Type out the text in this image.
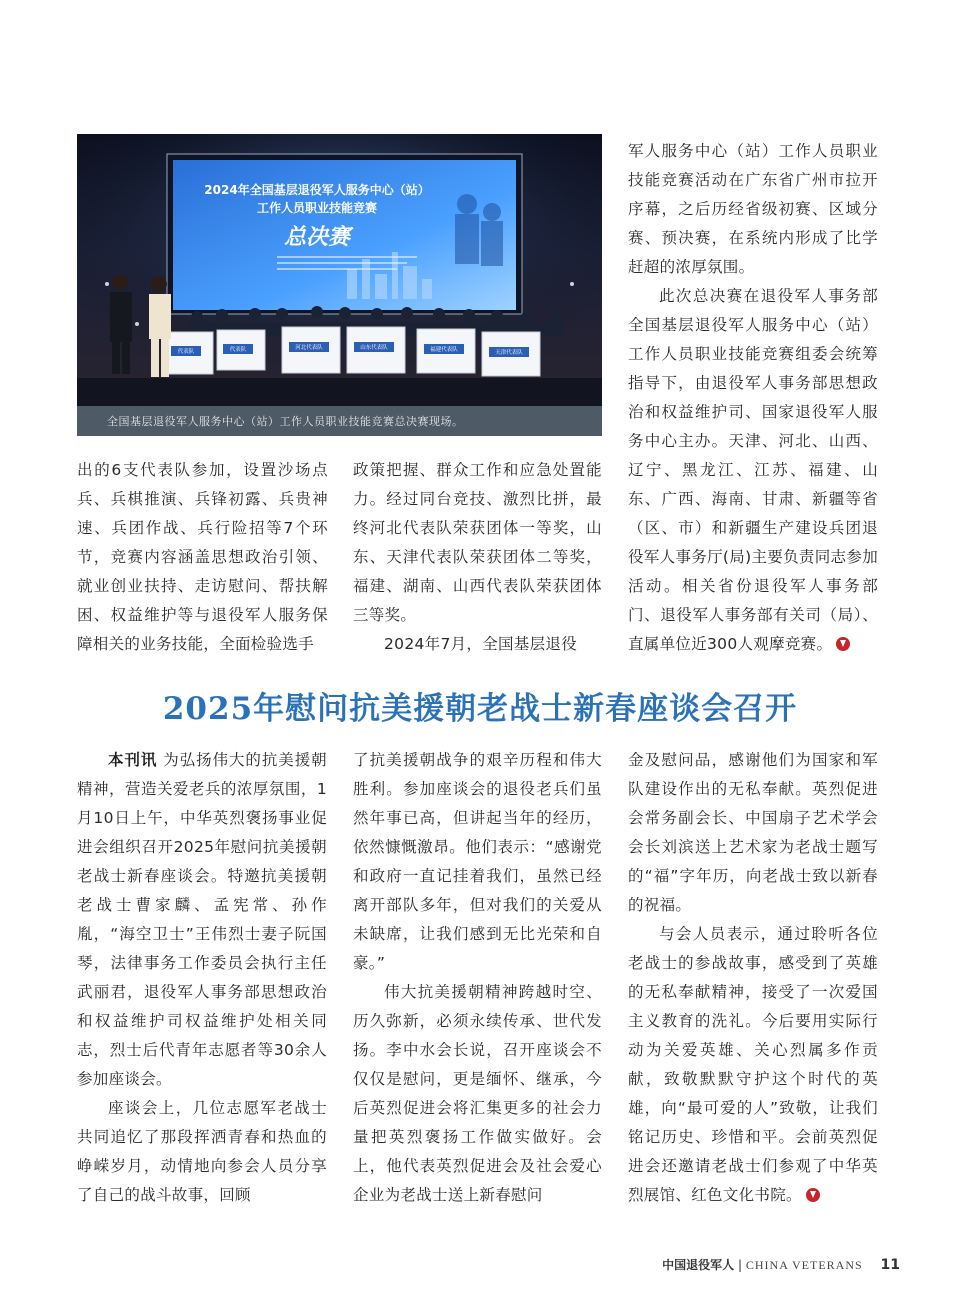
2024年全国基层退役军人服务中心（站）
工作人员职业技能竞赛
总决赛
代表队	代表队	河北代表队	山东代表队	福建代表队	天津代表队
全国基层退役军人服务中心（站）工作人员职业技能竞赛总决赛现场。

出的6支代表队参加，设置沙场点兵、兵棋推演、兵锋初露、兵贵神速、兵团作战、兵行险招等7个环节，竞赛内容涵盖思想政治引领、就业创业扶持、走访慰问、帮扶解困、权益维护等与退役军人服务保障相关的业务技能，全面检验选手

政策把握、群众工作和应急处置能力。经过同台竞技、激烈比拼，最终河北代表队荣获团体一等奖，山东、天津代表队荣获团体二等奖，福建、湖南、山西代表队荣获团体三等奖。

2024年7月，全国基层退役

军人服务中心（站）工作人员职业技能竞赛活动在广东省广州市拉开序幕，之后历经省级初赛、区域分赛、预决赛，在系统内形成了比学赶超的浓厚氛围。

此次总决赛在退役军人事务部全国基层退役军人服务中心（站）工作人员职业技能竞赛组委会统筹指导下，由退役军人事务部思想政治和权益维护司、国家退役军人服务中心主办。天津、河北、山西、辽宁、黑龙江、江苏、福建、山东、广西、海南、甘肃、新疆等省（区、市）和新疆生产建设兵团退役军人事务厅(局)主要负责同志参加活动。相关省份退役军人事务部门、退役军人事务部有关司（局）、直属单位近300人观摩竞赛。

2025年慰问抗美援朝老战士新春座谈会召开

本刊讯 为弘扬伟大的抗美援朝精神，营造关爱老兵的浓厚氛围，1月10日上午，中华英烈褒扬事业促进会组织召开2025年慰问抗美援朝老战士新春座谈会。特邀抗美援朝老战士曹家麟、孟宪常、孙作胤，“海空卫士”王伟烈士妻子阮国琴，法律事务工作委员会执行主任武丽君，退役军人事务部思想政治和权益维护司权益维护处相关同志，烈士后代青年志愿者等30余人参加座谈会。

座谈会上，几位志愿军老战士共同追忆了那段挥洒青春和热血的峥嵘岁月，动情地向参会人员分享了自己的战斗故事，回顾

了抗美援朝战争的艰辛历程和伟大胜利。参加座谈会的退役老兵们虽然年事已高，但讲起当年的经历，依然慷慨激昂。他们表示：“感谢党和政府一直记挂着我们，虽然已经离开部队多年，但对我们的关爱从未缺席，让我们感到无比光荣和自豪。”

伟大抗美援朝精神跨越时空、历久弥新，必须永续传承、世代发扬。李中水会长说，召开座谈会不仅仅是慰问，更是缅怀、继承，今后英烈促进会将汇集更多的社会力量把英烈褒扬工作做实做好。会上，他代表英烈促进会及社会爱心企业为老战士送上新春慰问

金及慰问品，感谢他们为国家和军队建设作出的无私奉献。英烈促进会常务副会长、中国扇子艺术学会会长刘滨送上艺术家为老战士题写的“福”字年历，向老战士致以新春的祝福。

与会人员表示，通过聆听各位老战士的参战故事，感受到了英雄的无私奉献精神，接受了一次爱国主义教育的洗礼。今后要用实际行动为关爱英雄、关心烈属多作贡献，致敬默默守护这个时代的英雄，向“最可爱的人”致敬，让我们铭记历史、珍惜和平。会前英烈促进会还邀请老战士们参观了中华英烈展馆、红色文化书院。

中国退役军人 | CHINA VETERANS 11
